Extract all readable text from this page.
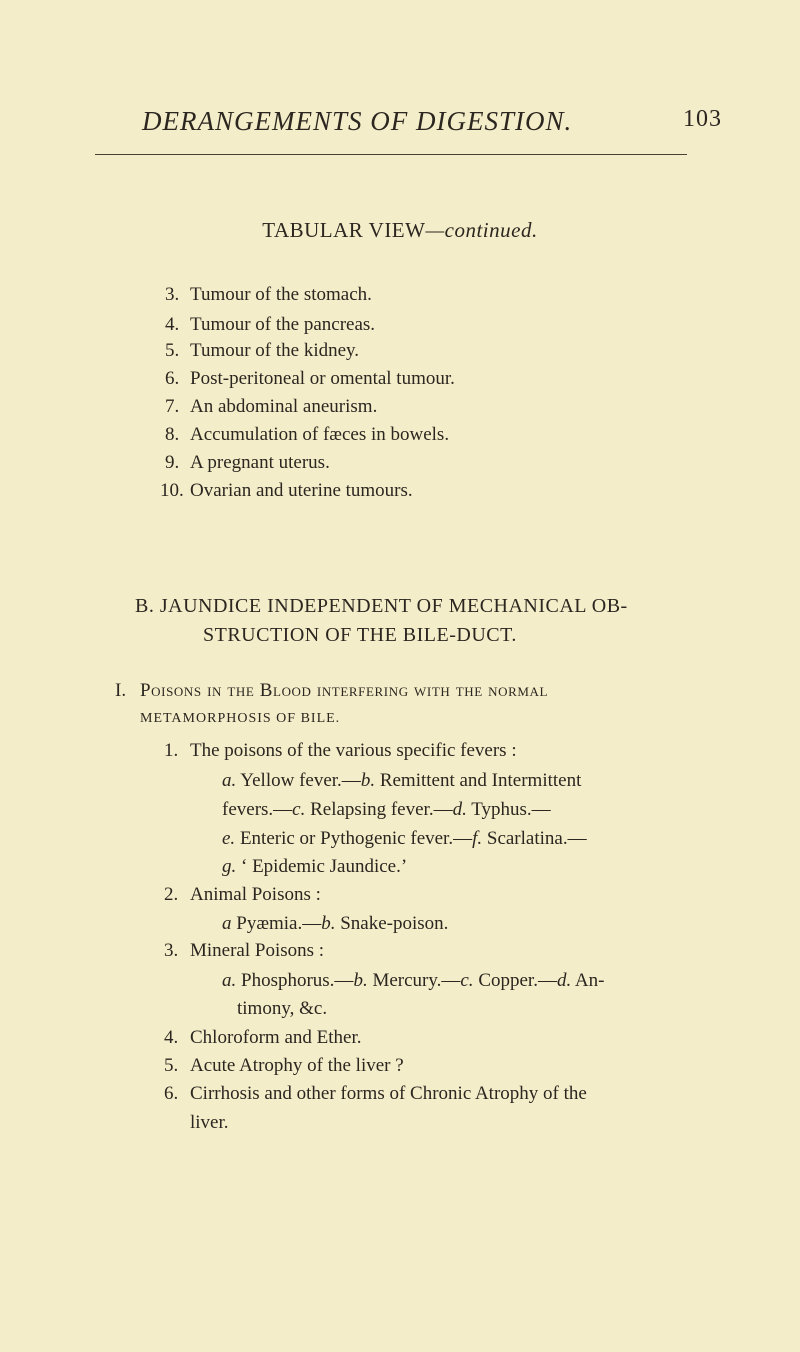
DERANGEMENTS OF DIGESTION.	103
TABULAR VIEW—continued.
3. Tumour of the stomach.
4. Tumour of the pancreas.
5. Tumour of the kidney.
6. Post-peritoneal or omental tumour.
7. An abdominal aneurism.
8. Accumulation of fæces in bowels.
9. A pregnant uterus.
10. Ovarian and uterine tumours.
B. JAUNDICE INDEPENDENT OF MECHANICAL OB-
STRUCTION OF THE BILE-DUCT.
I. Poisons in the Blood interfering with the normal
METAMORPHOSIS OF BILE.
1. The poisons of the various specific fevers :
a. Yellow fever.—b. Remittent and Intermittent
fevers.—c. Relapsing fever.—d. Typhus.—
e. Enteric or Pythogenic fever.—f. Scarlatina.—
g. ‘ Epidemic Jaundice.’
2. Animal Poisons :
a Pyæmia.—b. Snake-poison.
3. Mineral Poisons :
a. Phosphorus.—b. Mercury.—c. Copper.—d. An-
timony, &c.
4. Chloroform and Ether.
5. Acute Atrophy of the liver ?
6. Cirrhosis and other forms of Chronic Atrophy of the
liver.
